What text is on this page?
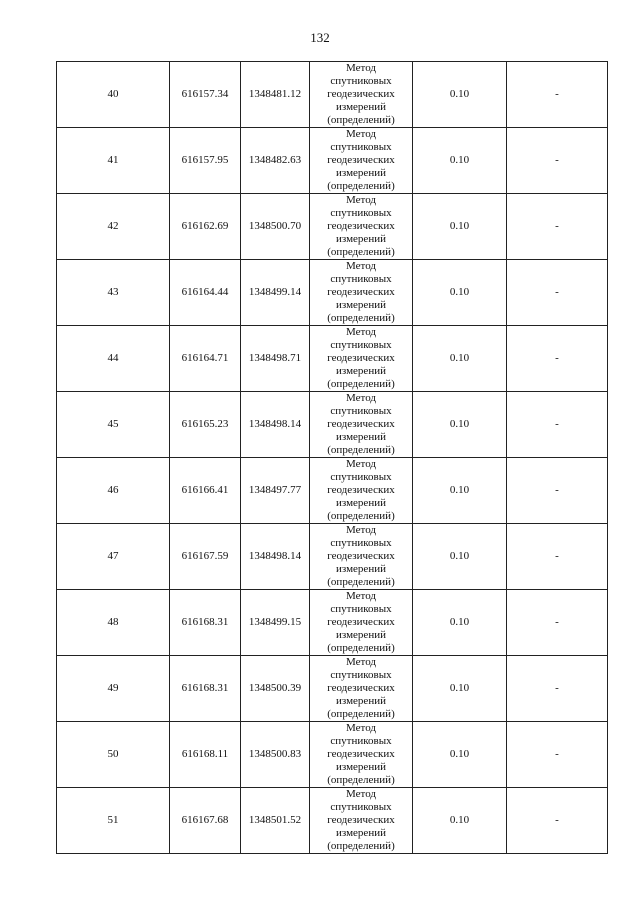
132
40	616157.34	1348481.12	Метод
спутниковых
геодезических
измерений
(определений)	0.10	-
41	616157.95	1348482.63	Метод
спутниковых
геодезических
измерений
(определений)	0.10	-
42	616162.69	1348500.70	Метод
спутниковых
геодезических
измерений
(определений)	0.10	-
43	616164.44	1348499.14	Метод
спутниковых
геодезических
измерений
(определений)	0.10	-
44	616164.71	1348498.71	Метод
спутниковых
геодезических
измерений
(определений)	0.10	-
45	616165.23	1348498.14	Метод
спутниковых
геодезических
измерений
(определений)	0.10	-
46	616166.41	1348497.77	Метод
спутниковых
геодезических
измерений
(определений)	0.10	-
47	616167.59	1348498.14	Метод
спутниковых
геодезических
измерений
(определений)	0.10	-
48	616168.31	1348499.15	Метод
спутниковых
геодезических
измерений
(определений)	0.10	-
49	616168.31	1348500.39	Метод
спутниковых
геодезических
измерений
(определений)	0.10	-
50	616168.11	1348500.83	Метод
спутниковых
геодезических
измерений
(определений)	0.10	-
51	616167.68	1348501.52	Метод
спутниковых
геодезических
измерений
(определений)	0.10	-
